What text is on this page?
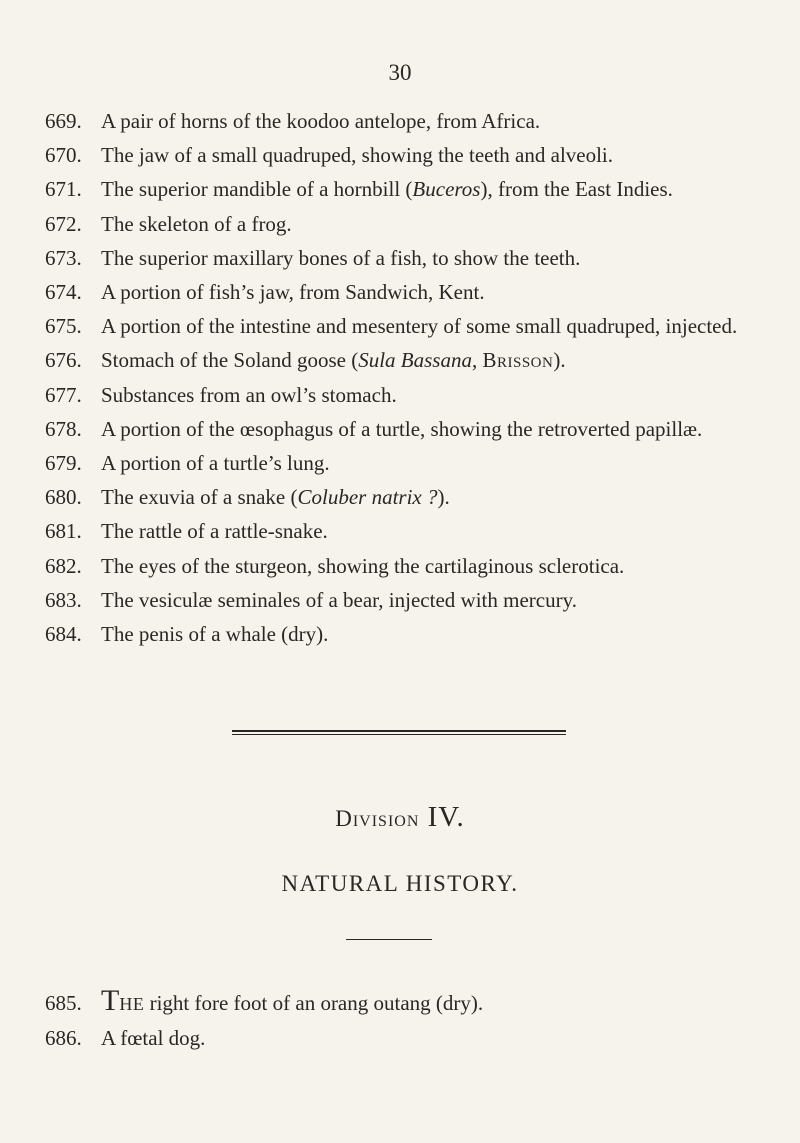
30
669. A pair of horns of the koodoo antelope, from Africa.
670. The jaw of a small quadruped, showing the teeth and alveoli.
671. The superior mandible of a hornbill (Buceros), from the East Indies.
672. The skeleton of a frog.
673. The superior maxillary bones of a fish, to show the teeth.
674. A portion of fish’s jaw, from Sandwich, Kent.
675. A portion of the intestine and mesentery of some small quadruped, injected.
676. Stomach of the Soland goose (Sula Bassana, Brisson).
677. Substances from an owl’s stomach.
678. A portion of the œsophagus of a turtle, showing the retroverted papillæ.
679. A portion of a turtle’s lung.
680. The exuvia of a snake (Coluber natrix ?).
681. The rattle of a rattle-snake.
682. The eyes of the sturgeon, showing the cartilaginous sclerotica.
683. The vesiculæ seminales of a bear, injected with mercury.
684. The penis of a whale (dry).
Division IV.
NATURAL HISTORY.
685. THE right fore foot of an orang outang (dry).
686. A fœtal dog.
